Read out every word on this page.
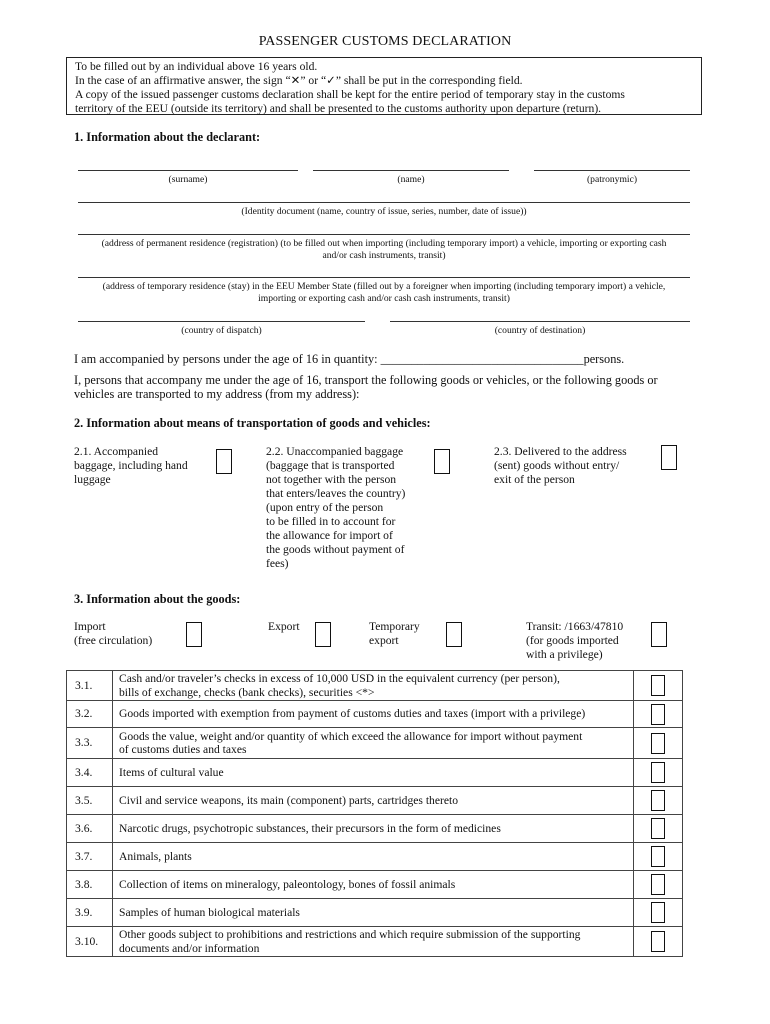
PASSENGER CUSTOMS DECLARATION
To be filled out by an individual above 16 years old.
In the case of an affirmative answer, the sign “✕” or “✓” shall be put in the corresponding field.
A copy of the issued passenger customs declaration shall be kept for the entire period of temporary stay in the customs
territory of the EEU (outside its territory) and shall be presented to the customs authority upon departure (return).
1. Information about the declarant:
(surname)	(name)	(patronymic)
(Identity document (name, country of issue, series, number, date of issue))
(address of permanent residence (registration) (to be filled out when importing (including temporary import) a vehicle, importing or exporting cash
and/or cash instruments, transit)
(address of temporary residence (stay) in the EEU Member State (filled out by a foreigner when importing (including temporary import) a vehicle,
importing or exporting cash and/or cash cash instruments, transit)
(country of dispatch)	(country of destination)
I am accompanied by persons under the age of 16 in quantity: _________________________________persons.
I, persons that accompany me under the age of 16, transport the following goods or vehicles, or the following goods or
vehicles are transported to my address (from my address):
2. Information about means of transportation of goods and vehicles:
2.1. Accompanied
baggage, including hand
luggage
2.2. Unaccompanied baggage
(baggage that is transported
not together with the person
that enters/leaves the country)
(upon entry of the person
to be filled in to account for
the allowance for import of
the goods without payment of
fees)
2.3. Delivered to the address
(sent) goods without entry/
exit of the person
3. Information about the goods:
Import
(free circulation)
Export	Temporary
export
Transit: /1663/47810
(for goods imported
with a privilege)
3.1.	Cash and/or traveler’s checks in excess of 10,000 USD in the equivalent currency (per person),
bills of exchange, checks (bank checks), securities <*>	

3.2.	Goods imported with exemption from payment of customs duties and taxes (import with a privilege)	

3.3.	Goods the value, weight and/or quantity of which exceed the allowance for import without payment
of customs duties and taxes	

3.4.	Items of cultural value	

3.5.	Civil and service weapons, its main (component) parts, cartridges thereto	

3.6.	Narcotic drugs, psychotropic substances, their precursors in the form of medicines	

3.7.	Animals, plants	

3.8.	Collection of items on mineralogy, paleontology, bones of fossil animals	

3.9.	Samples of human biological materials	

3.10.	Other goods subject to prohibitions and restrictions and which require submission of the supporting
documents and/or information	
